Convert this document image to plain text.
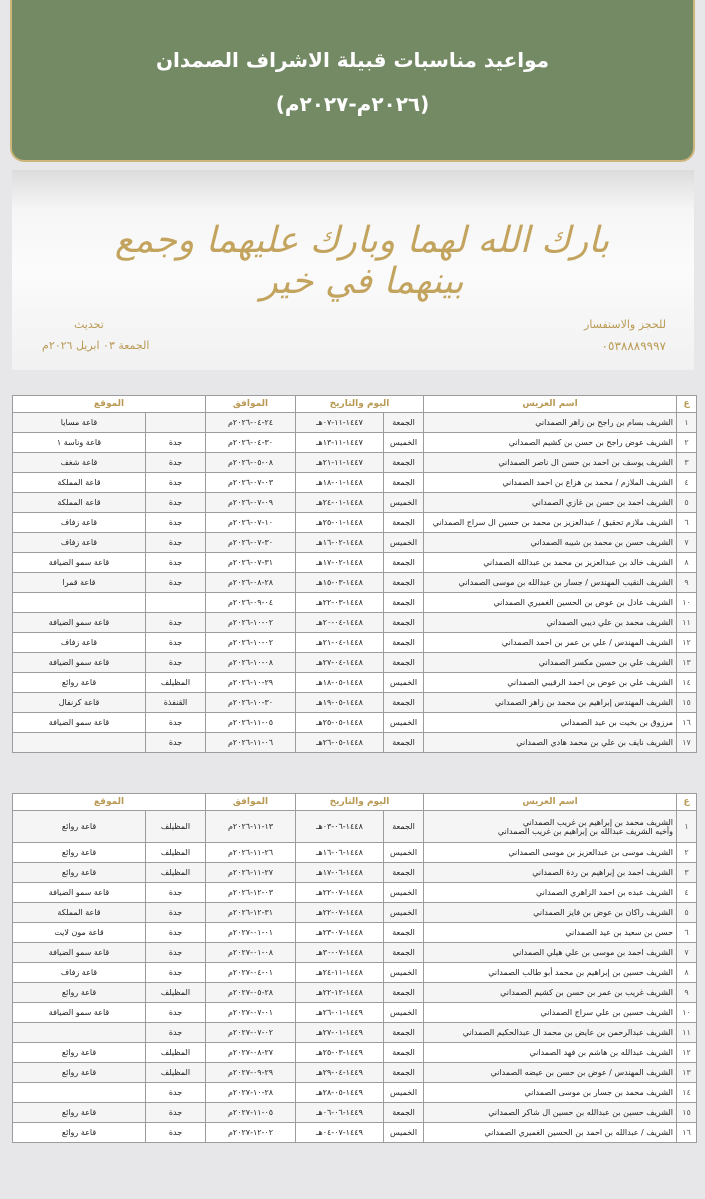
مواعيد مناسبات قبيلة الاشراف الصمدان
(٢٠٢٦م-٢٠٢٧م)
بارك الله لهما وبارك عليهما وجمع بينهما في خير
للحجز والاستفسار
٠٥٣٨٨٨٩٩٩٧
تحديث
الجمعة ٠٣ ابريل ٢٠٢٦م
ع	اسم العريس	اليوم والتاريخ		الموافق	الموقع	
١	الشريف بسام بن راجح بن زاهر الصمداني	الجمعة	١٤٤٧-١١-٠٧هـ	٢٤-٠٤-٢٠٢٦م		قاعة مسايا
٢	الشريف عوض راجح بن حسن بن كشيم الصمداني	الخميس	١٤٤٧-١١-١٣هـ	٣٠-٠٤-٢٠٢٦م	جدة	قاعة وناسة ١
٣	الشريف يوسف بن احمد بن حسن ال ناصر الصمداني	الجمعة	١٤٤٧-١١-٢١هـ	٠٨-٠٥-٢٠٢٦م	جدة	قاعة شغف
٤	الشريف الملازم / محمد بن هزاع بن احمد الصمداني	الجمعة	١٤٤٨-٠١-١٨هـ	٠٣-٠٧-٢٠٢٦م	جدة	قاعة المملكة
٥	الشريف احمد بن حسن بن غازي الصمداني	الخميس	١٤٤٨-٠١-٢٤هـ	٠٩-٠٧-٢٠٢٦م	جدة	قاعة المملكة
٦	الشريف ملازم تحقيق / عبدالعزيز بن محمد بن حسين ال سراج الصمداني	الجمعة	١٤٤٨-٠١-٢٥هـ	١٠-٠٧-٢٠٢٦م	جدة	قاعة زفاف
٧	الشريف حسن بن محمد بن شيبه الصمداني	الخميس	١٤٤٨-٠٢-١٦هـ	٣٠-٠٧-٢٠٢٦م	جدة	قاعة زفاف
٨	الشريف خالد بن عبدالعزيز بن محمد بن عبدالله الصمداني	الجمعة	١٤٤٨-٠٢-١٧هـ	٣١-٠٧-٢٠٢٦م	جدة	قاعة سمو الضيافة
٩	الشريف النقيب المهندس / جسار بن عبدالله بن موسى الصمداني	الجمعة	١٤٤٨-٠٣-١٥هـ	٢٨-٠٨-٢٠٢٦م	جدة	قاعة قمرا
١٠	الشريف عادل بن عوض بن الحسين الغميري الصمداني	الجمعة	١٤٤٨-٠٣-٢٢هـ	٠٤-٠٩-٢٠٢٦م		
١١	الشريف محمد بن علي ديبي الصمداني	الجمعة	١٤٤٨-٠٤-٢٠هـ	٠٢-١٠-٢٠٢٦م	جدة	قاعة سمو الضيافة
١٢	الشريف المهندس / علي بن عمر بن احمد الصمداني	الجمعة	١٤٤٨-٠٤-٢١هـ	٠٢-١٠-٢٠٢٦م	جدة	قاعة زفاف
١٣	الشريف علي بن حسين مكسر الصمداني	الجمعة	١٤٤٨-٠٤-٢٧هـ	٠٨-١٠-٢٠٢٦م	جدة	قاعة سمو الضيافة
١٤	الشريف علي بن عوض بن احمد الرقيبي الصمداني	الخميس	١٤٤٨-٠٥-١٨هـ	٢٩-١٠-٢٠٢٦م	المظيلف	قاعة روائع
١٥	الشريف المهندس إبراهيم بن محمد بن زاهر الصمداني	الجمعة	١٤٤٨-٠٥-١٩هـ	٣٠-١٠-٢٠٢٦م	القنفذة	قاعة كرنفال
١٦	مرزوق بن بخيت بن عيد الصمداني	الخميس	١٤٤٨-٠٥-٢٥هـ	٠٥-١١-٢٠٢٦م	جدة	قاعة سمو الضيافة
١٧	الشريف نايف بن علي بن محمد هادي الصمداني	الجمعة	١٤٤٨-٠٥-٢٦هـ	٠٦-١١-٢٠٢٦م	جدة	
ع	اسم العريس	اليوم والتاريخ		الموافق	الموقع	
١	الشريف محمد بن إبراهيم بن غريب الصمداني
وأخيه الشريف عبدالله بن إبراهيم بن غريب الصمداني	الجمعة	١٤٤٨-٠٦-٠٣هـ	١٣-١١-٢٠٢٦م	المظيلف	قاعة روائع
٢	الشريف موسى بن عبدالعزيز بن موسى الصمداني	الخميس	١٤٤٨-٠٦-١٦هـ	٢٦-١١-٢٠٢٦م	المظيلف	قاعة روائع
٣	الشريف احمد بن إبراهيم بن ردة الصمداني	الجمعة	١٤٤٨-٠٦-١٧هـ	٢٧-١١-٢٠٢٦م	المظيلف	قاعة روائع
٤	الشريف عبده بن احمد الزاهري الصمداني	الخميس	١٤٤٨-٠٧-٢٢هـ	٠٣-١٢-٢٠٢٦م	جدة	قاعة سمو الضيافة
٥	الشريف راكان بن عوض بن فايز الصمداني	الخميس	١٤٤٨-٠٧-٢٢هـ	٣١-١٢-٢٠٢٦م	جدة	قاعة المملكة
٦	حسن بن سعيد بن عيد الصمداني	الجمعة	١٤٤٨-٠٧-٢٣هـ	٠١-٠١-٢٠٢٧م	جدة	قاعة مون لايت
٧	الشريف احمد بن موسى بن علي هيلي الصمداني	الجمعة	١٤٤٨-٠٧-٣٠هـ	٠٨-٠١-٢٠٢٧م	جدة	قاعة سمو الضيافة
٨	الشريف حسين بن إبراهيم بن محمد أبو طالب الصمداني	الخميس	١٤٤٨-١١-٢٤هـ	٠١-٠٤-٢٠٢٧م	جدة	قاعة زفاف
٩	الشريف غريب بن عمر بن حسن بن كشيم الصمداني	الجمعة	١٤٤٨-١٢-٢٢هـ	٢٨-٠٥-٢٠٢٧م	المظيلف	قاعة روائع
١٠	الشريف حسين بن علي سراج الصمداني	الخميس	١٤٤٩-٠١-٢٦هـ	٠١-٠٧-٢٠٢٧م	جدة	قاعة سمو الضيافة
١١	الشريف عبدالرحمن بن عايض بن محمد ال عبدالحكيم الصمداني	الجمعة	١٤٤٩-٠١-٢٧هـ	٠٢-٠٧-٢٠٢٧م	جدة	
١٢	الشريف عبدالله بن هاشم بن فهد الصمداني	الجمعة	١٤٤٩-٠٣-٢٥هـ	٢٧-٠٨-٢٠٢٧م	المظيلف	قاعة روائع
١٣	الشريف المهندس / عوض بن حسن بن عيضه الصمداني	الجمعة	١٤٤٩-٠٤-٢٩هـ	٢٩-٠٩-٢٠٢٧م	المظيلف	قاعة روائع
١٤	الشريف محمد بن جسار بن موسى الصمداني	الخميس	١٤٤٩-٠٥-٢٨هـ	٢٨-١٠-٢٠٢٧م	جدة	
١٥	الشريف حسين بن عبدالله بن حسين ال شاكر الصمداني	الجمعة	١٤٤٩-٠٦-٠٦هـ	٠٥-١١-٢٠٢٧م	جدة	قاعة روائع
١٦	الشريف / عبدالله بن احمد بن الحسين الغميري الصمداني	الخميس	١٤٤٩-٠٧-٠٤هـ	٠٢-١٢-٢٠٢٧م	جدة	قاعة روائع
